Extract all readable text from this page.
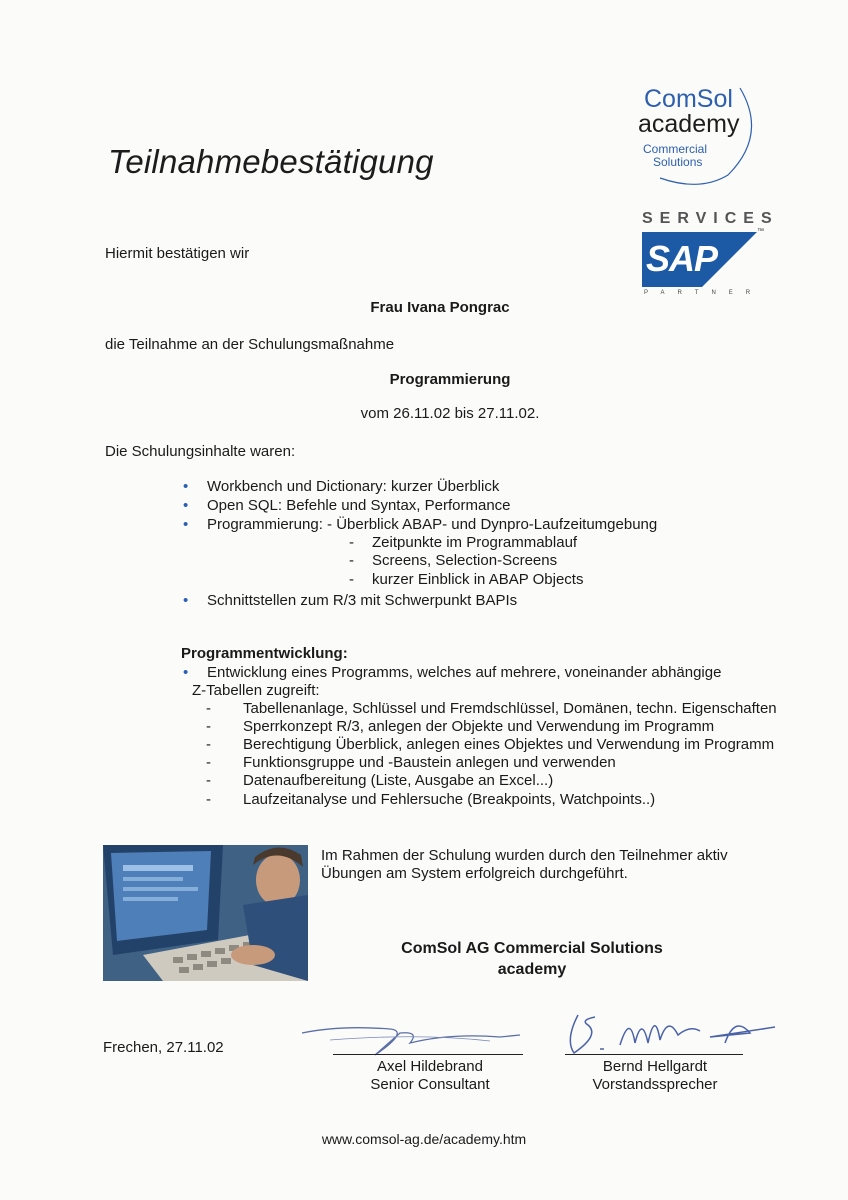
ComSol
academy
Commercial
Solutions
SERVICES
SAP
™
PARTNER
Teilnahmebestätigung
Hiermit bestätigen wir
Frau Ivana Pongrac
die Teilnahme an der Schulungsmaßnahme
Programmierung
vom 26.11.02 bis 27.11.02.
Die Schulungsinhalte waren:
• Workbench und Dictionary: kurzer Überblick
• Open SQL: Befehle und Syntax, Performance
• Programmierung: - Überblick ABAP- und Dynpro-Laufzeitumgebung
- Zeitpunkte im Programmablauf
- Screens, Selection-Screens
- kurzer Einblick in ABAP Objects
• Schnittstellen zum R/3 mit Schwerpunkt BAPIs
Programmentwicklung:
• Entwicklung eines Programms, welches auf mehrere, voneinander abhängige
Z-Tabellen zugreift:
- Tabellenanlage, Schlüssel und Fremdschlüssel, Domänen, techn. Eigenschaften
- Sperrkonzept R/3, anlegen der Objekte und Verwendung im Programm
- Berechtigung Überblick, anlegen eines Objektes und Verwendung im Programm
- Funktionsgruppe und -Baustein anlegen und verwenden
- Datenaufbereitung (Liste, Ausgabe an Excel...)
- Laufzeitanalyse und Fehlersuche (Breakpoints, Watchpoints..)
Im Rahmen der Schulung wurden durch den Teilnehmer aktiv
Übungen am System erfolgreich durchgeführt.
ComSol AG Commercial Solutions
academy
Frechen, 27.11.02
Axel Hildebrand
Senior Consultant
Bernd Hellgardt
Vorstandssprecher
www.comsol-ag.de/academy.htm
